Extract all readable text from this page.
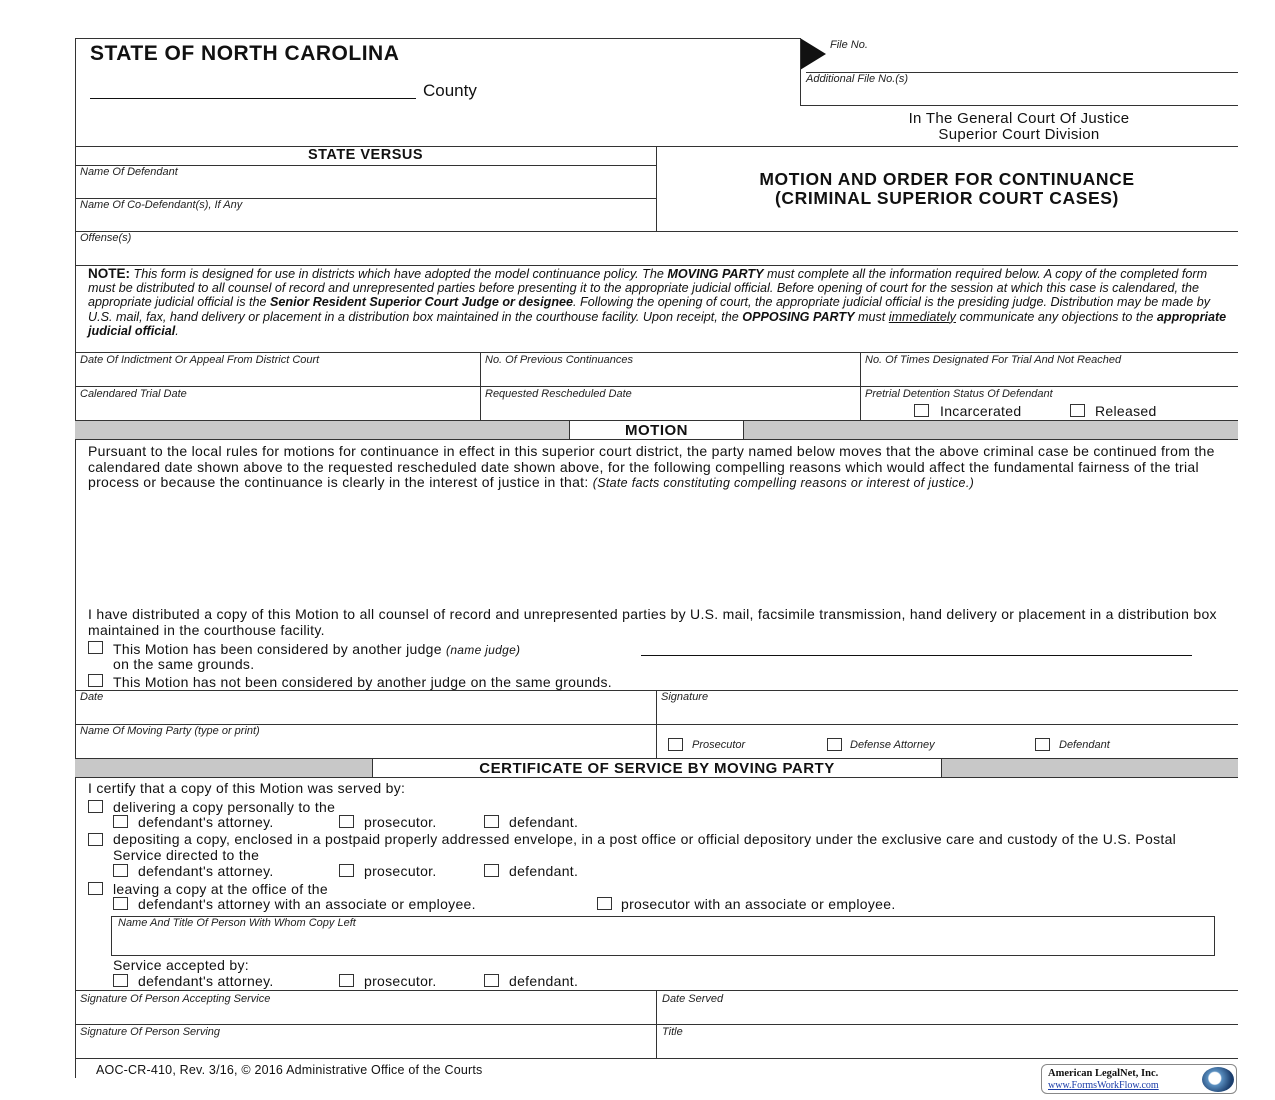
STATE OF NORTH CAROLINA
County
File No.
Additional File No.(s)
In The General Court Of Justice
Superior Court Division
STATE VERSUS
Name Of Defendant
Name Of Co-Defendant(s), If Any
MOTION AND ORDER FOR CONTINUANCE
(CRIMINAL SUPERIOR COURT CASES)
Offense(s)
NOTE: This form is designed for use in districts which have adopted the model continuance policy. The MOVING PARTY must complete all the information required below. A copy of the completed form must be distributed to all counsel of record and unrepresented parties before presenting it to the appropriate judicial official. Before opening of court for the session at which this case is calendared, the appropriate judicial official is the Senior Resident Superior Court Judge or designee. Following the opening of court, the appropriate judicial official is the presiding judge. Distribution may be made by U.S. mail, fax, hand delivery or placement in a distribution box maintained in the courthouse facility. Upon receipt, the OPPOSING PARTY must immediately communicate any objections to the appropriate judicial official.
Date Of Indictment Or Appeal From District Court	No. Of Previous Continuances	No. Of Times Designated For Trial And Not Reached
Calendared Trial Date	Requested Rescheduled Date	Pretrial Detention Status Of Defendant
Incarcerated	Released
MOTION
Pursuant to the local rules for motions for continuance in effect in this superior court district, the party named below moves that the above criminal case be continued from the calendared date shown above to the requested rescheduled date shown above, for the following compelling reasons which would affect the fundamental fairness of the trial process or because the continuance is clearly in the interest of justice in that: (State facts constituting compelling reasons or interest of justice.)
I have distributed a copy of this Motion to all counsel of record and unrepresented parties by U.S. mail, facsimile transmission, hand delivery or placement in a distribution box maintained in the courthouse facility.
This Motion has been considered by another judge (name judge)
on the same grounds.
This Motion has not been considered by another judge on the same grounds.
Date	Signature
Name Of Moving Party (type or print)
Prosecutor	Defense Attorney	Defendant
CERTIFICATE OF SERVICE BY MOVING PARTY
I certify that a copy of this Motion was served by:
delivering a copy personally to the
defendant's attorney.	prosecutor.	defendant.
depositing a copy, enclosed in a postpaid properly addressed envelope, in a post office or official depository under the exclusive care and custody of the U.S. Postal Service directed to the
defendant's attorney.	prosecutor.	defendant.
leaving a copy at the office of the
defendant's attorney with an associate or employee.	prosecutor with an associate or employee.
Name And Title Of Person With Whom Copy Left
Service accepted by:
defendant's attorney.	prosecutor.	defendant.
Signature Of Person Accepting Service	Date Served
Signature Of Person Serving	Title
AOC-CR-410, Rev. 3/16, © 2016 Administrative Office of the Courts	American LegalNet, Inc.
www.FormsWorkFlow.com
